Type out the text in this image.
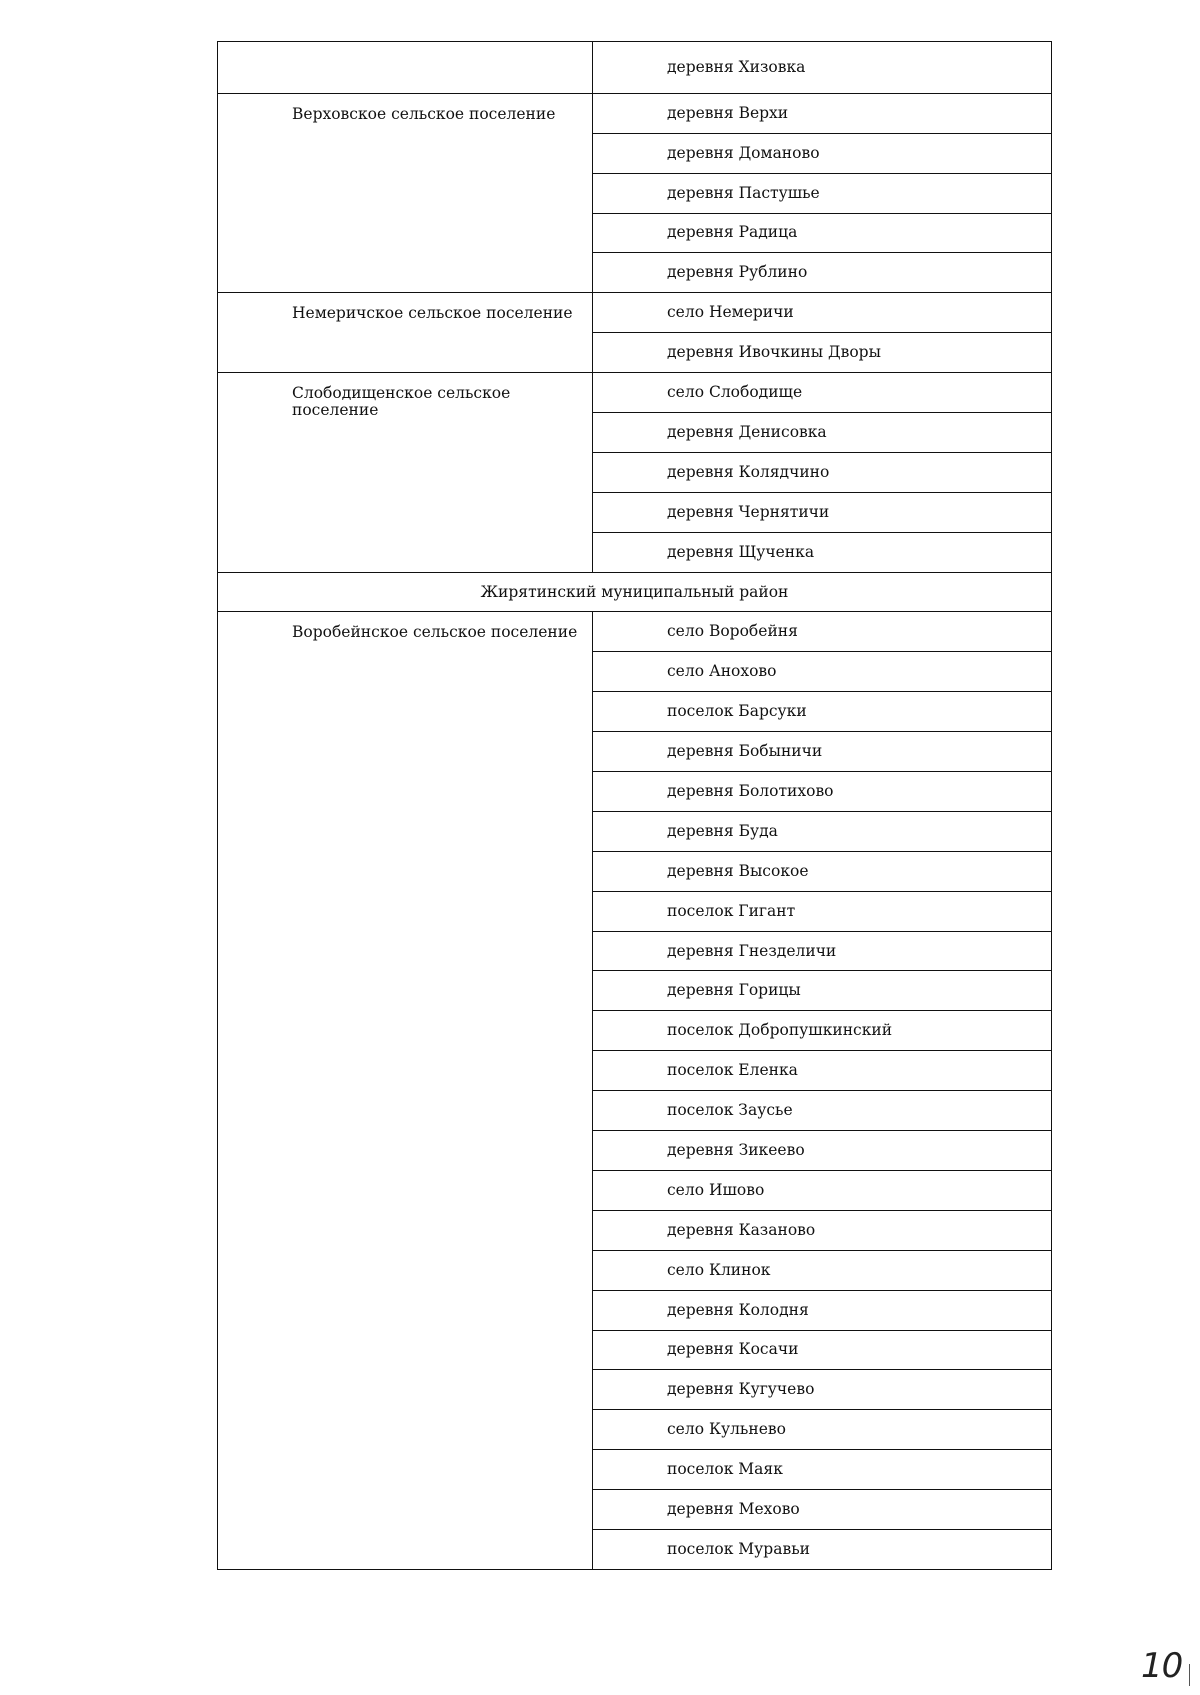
	деревня Хизовка
Верховское сельское поселение	деревня Верхи
	деревня Доманово
	деревня Пастушье
	деревня Радица
	деревня Рублино
Немеричское сельское поселение	село Немеричи
	деревня Ивочкины Дворы
Слободищенское сельское поселение	село Слободище
	деревня Денисовка
	деревня Колядчино
	деревня Чернятичи
	деревня Щученка
Жирятинский муниципальный район	
Воробейнское сельское поселение	село Воробейня
	село Анохово
	поселок Барсуки
	деревня Бобыничи
	деревня Болотихово
	деревня Буда
	деревня Высокое
	поселок Гигант
	деревня Гнезделичи
	деревня Горицы
	поселок Добропушкинский
	поселок Еленка
	поселок Заусье
	деревня Зикеево
	село Ишово
	деревня Казаново
	село Клинок
	деревня Колодня
	деревня Косачи
	деревня Кугучево
	село Кульнево
	поселок Маяк
	деревня Мехово
	поселок Муравьи
10
